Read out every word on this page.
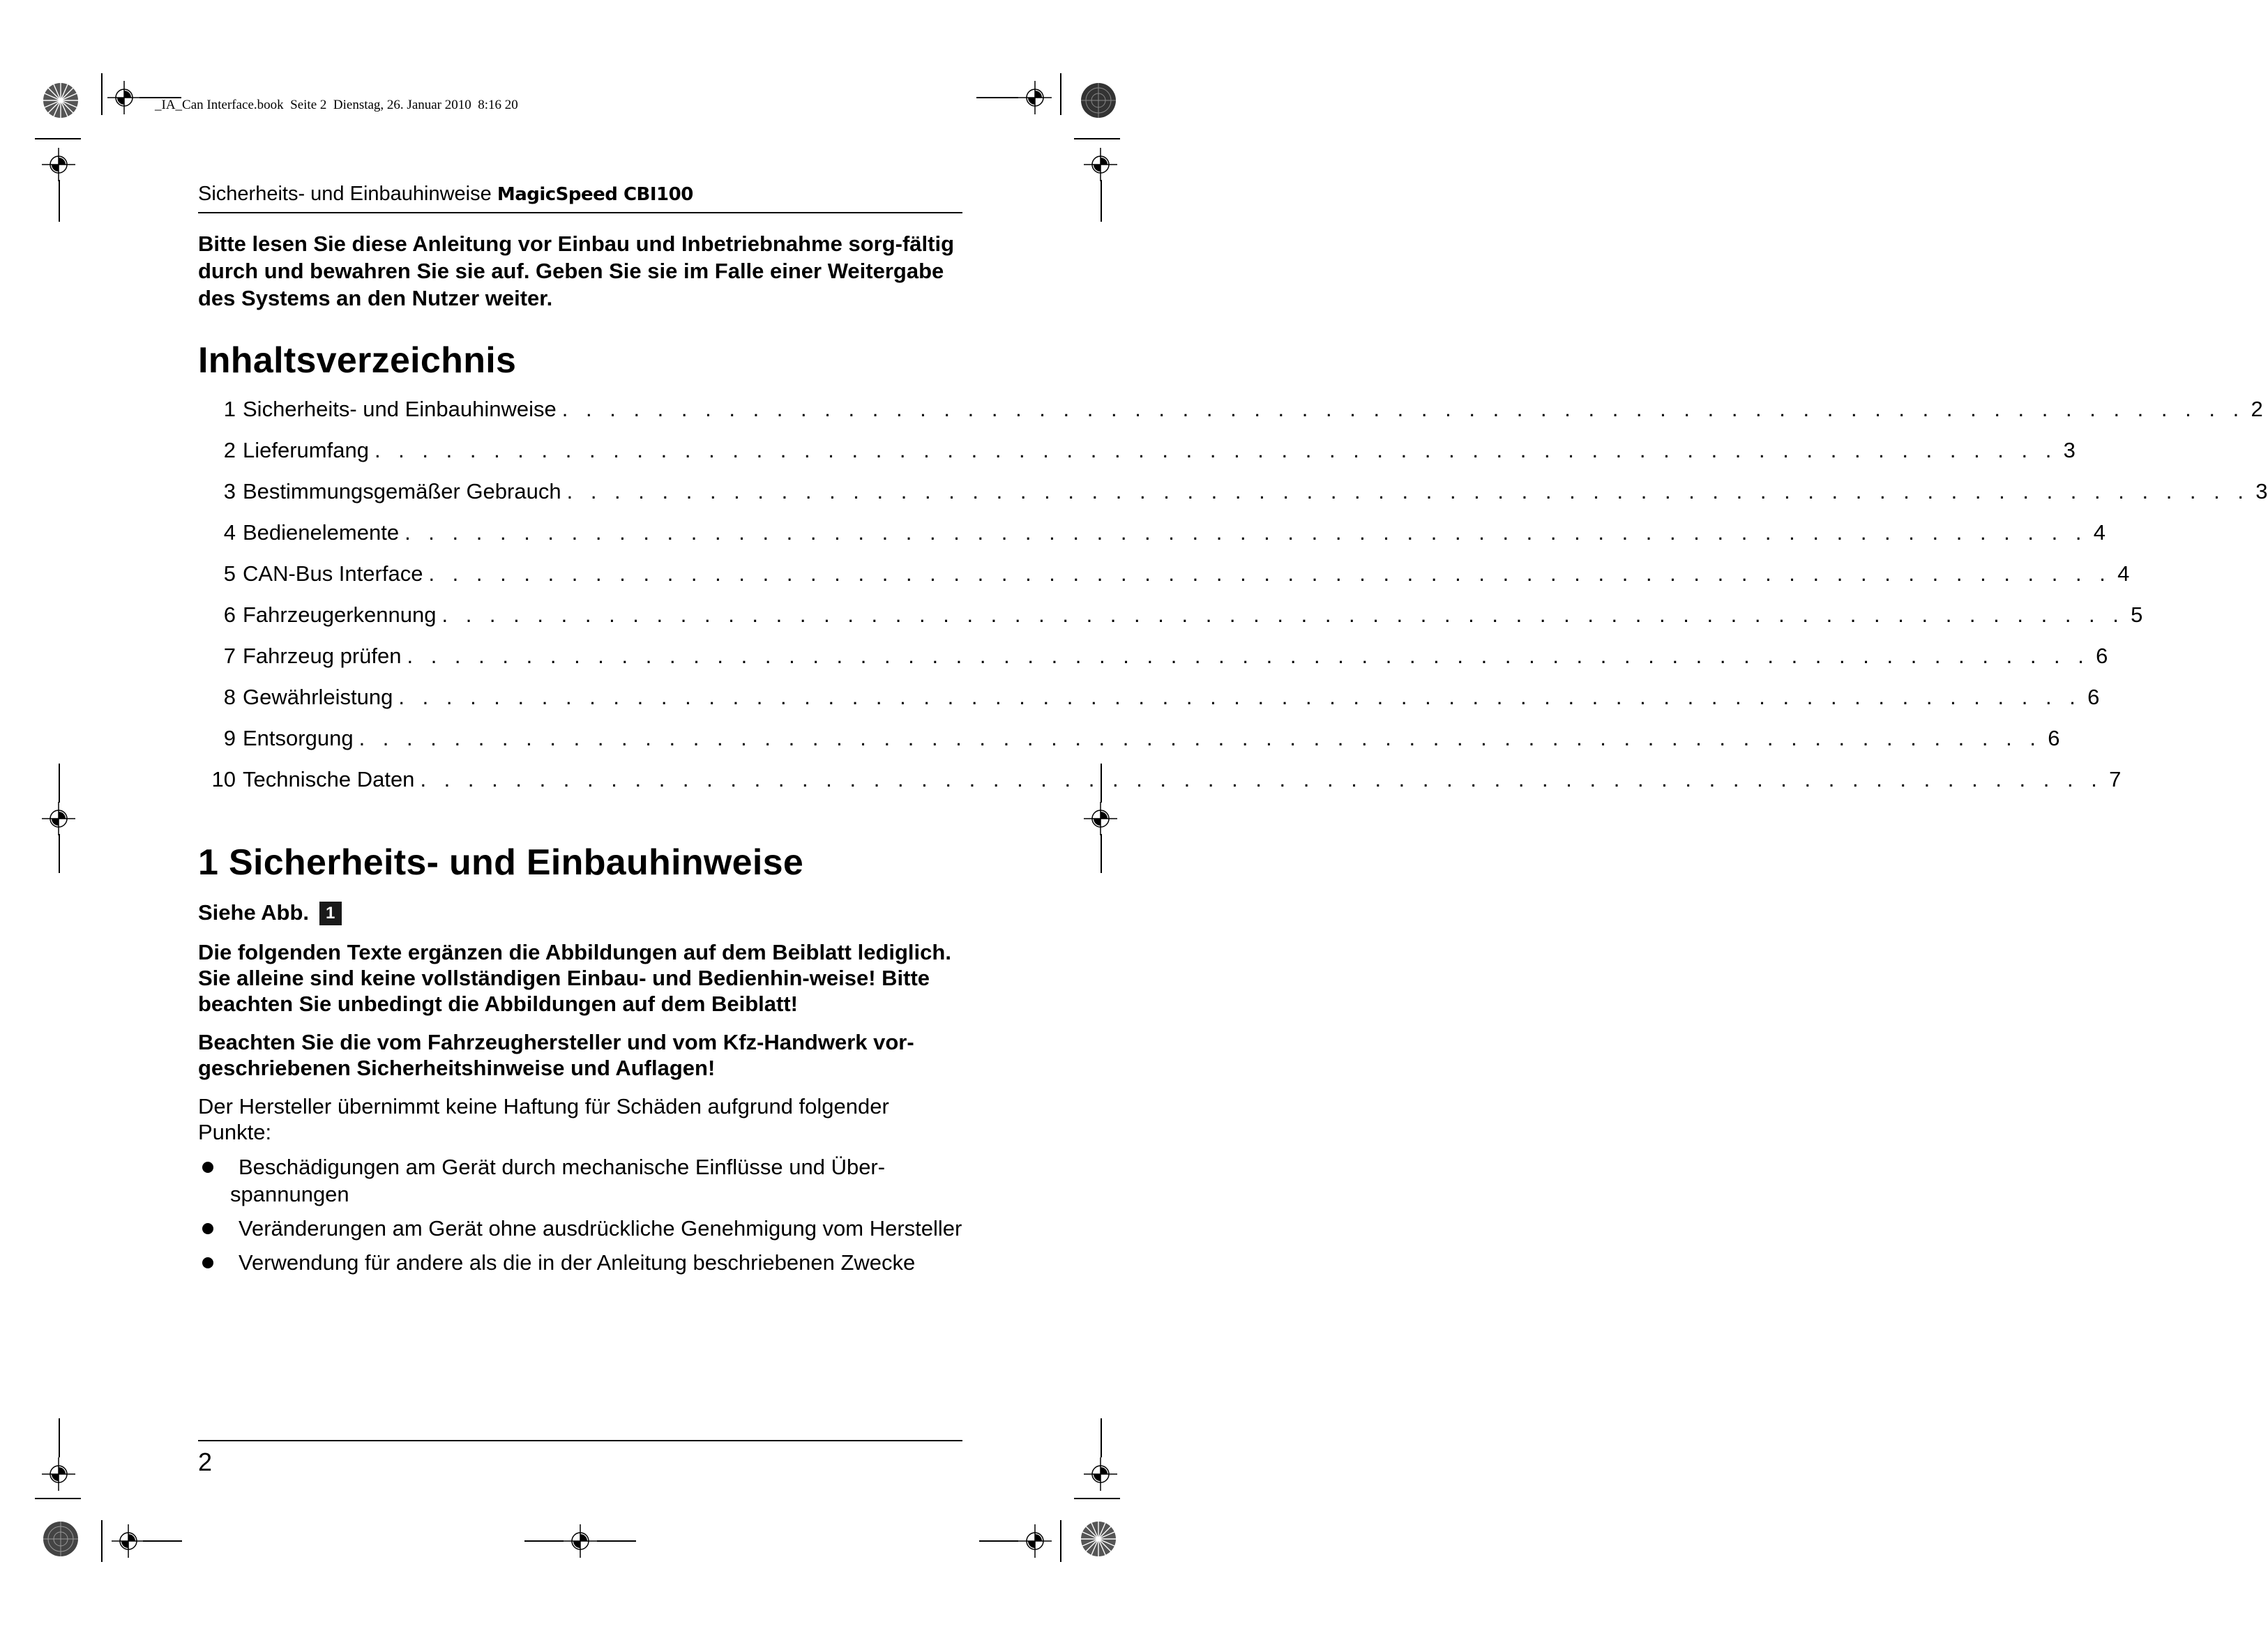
_IA_Can Interface.book  Seite 2  Dienstag, 26. Januar 2010  8:16 20
Sicherheits- und Einbauhinweise MagicSpeed CBI100

Bitte lesen Sie diese Anleitung vor Einbau und Inbetriebnahme sorg-fältig durch und bewahren Sie sie auf. Geben Sie sie im Falle einer Weitergabe des Systems an den Nutzer weiter.

Inhaltsverzeichnis
1 Sicherheits- und Einbauhinweise . . . . . . . . . . . . . . . . . . . . . . . . . . . . . . . . . . . . . . . . . . . . . . . . . . . . . . . . . . . . . . . . . . . . . . . 2
2 Lieferumfang . . . . . . . . . . . . . . . . . . . . . . . . . . . . . . . . . . . . . . . . . . . . . . . . . . . . . . . . . . . . . . . . . . . . . . . 3
3 Bestimmungsgemäßer Gebrauch . . . . . . . . . . . . . . . . . . . . . . . . . . . . . . . . . . . . . . . . . . . . . . . . . . . . . . . . . . . . . . . . . . . . . . . 3
4 Bedienelemente . . . . . . . . . . . . . . . . . . . . . . . . . . . . . . . . . . . . . . . . . . . . . . . . . . . . . . . . . . . . . . . . . . . . . . . 4
5 CAN-Bus Interface . . . . . . . . . . . . . . . . . . . . . . . . . . . . . . . . . . . . . . . . . . . . . . . . . . . . . . . . . . . . . . . . . . . . . . . 4
6 Fahrzeugerkennung . . . . . . . . . . . . . . . . . . . . . . . . . . . . . . . . . . . . . . . . . . . . . . . . . . . . . . . . . . . . . . . . . . . . . . . 5
7 Fahrzeug prüfen . . . . . . . . . . . . . . . . . . . . . . . . . . . . . . . . . . . . . . . . . . . . . . . . . . . . . . . . . . . . . . . . . . . . . . . 6
8 Gewährleistung . . . . . . . . . . . . . . . . . . . . . . . . . . . . . . . . . . . . . . . . . . . . . . . . . . . . . . . . . . . . . . . . . . . . . . . 6
9 Entsorgung . . . . . . . . . . . . . . . . . . . . . . . . . . . . . . . . . . . . . . . . . . . . . . . . . . . . . . . . . . . . . . . . . . . . . . . 6
10 Technische Daten . . . . . . . . . . . . . . . . . . . . . . . . . . . . . . . . . . . . . . . . . . . . . . . . . . . . . . . . . . . . . . . . . . . . . . . 7
1 Sicherheits- und Einbauhinweise

Siehe Abb. 1

Die folgenden Texte ergänzen die Abbildungen auf dem Beiblatt lediglich. Sie alleine sind keine vollständigen Einbau- und Bedienhin-weise! Bitte beachten Sie unbedingt die Abbildungen auf dem Beiblatt!

Beachten Sie die vom Fahrzeughersteller und vom Kfz-Handwerk vor-geschriebenen Sicherheitshinweise und Auflagen!

Der Hersteller übernimmt keine Haftung für Schäden aufgrund folgender Punkte:

Beschädigungen am Gerät durch mechanische Einflüsse und Über-spannungen
Veränderungen am Gerät ohne ausdrückliche Genehmigung vom Hersteller
Verwendung für andere als die in der Anleitung beschriebenen Zwecke
2
